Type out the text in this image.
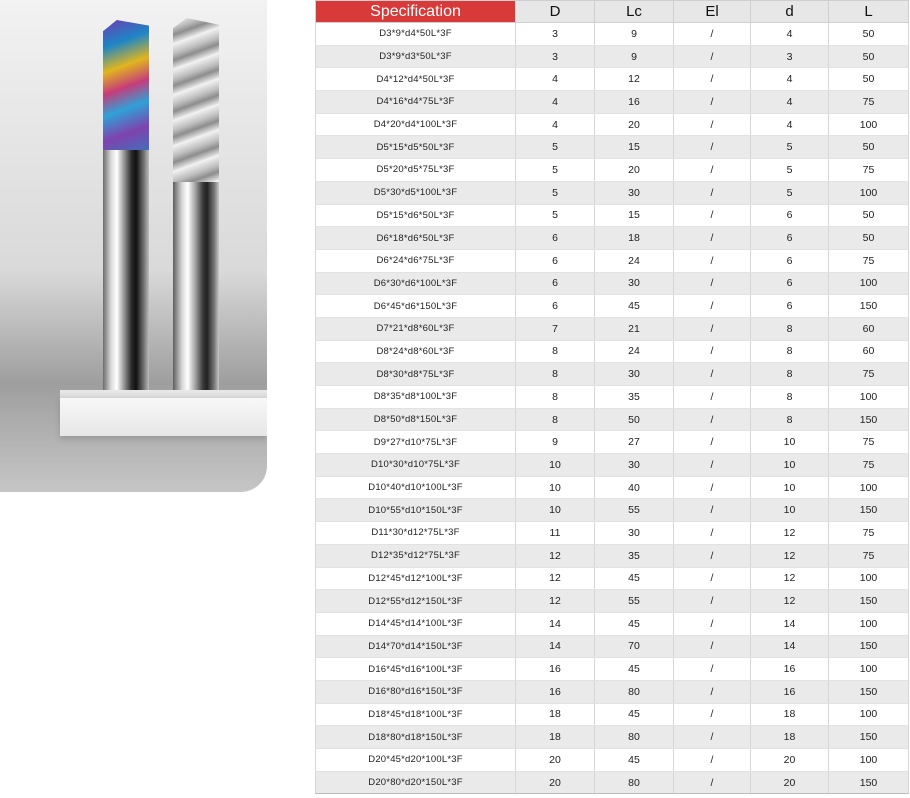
Specification	D	Lc	El	d	L
D3*9*d4*50L*3F	3	9	/	4	50
D3*9*d3*50L*3F	3	9	/	3	50
D4*12*d4*50L*3F	4	12	/	4	50
D4*16*d4*75L*3F	4	16	/	4	75
D4*20*d4*100L*3F	4	20	/	4	100
D5*15*d5*50L*3F	5	15	/	5	50
D5*20*d5*75L*3F	5	20	/	5	75
D5*30*d5*100L*3F	5	30	/	5	100
D5*15*d6*50L*3F	5	15	/	6	50
D6*18*d6*50L*3F	6	18	/	6	50
D6*24*d6*75L*3F	6	24	/	6	75
D6*30*d6*100L*3F	6	30	/	6	100
D6*45*d6*150L*3F	6	45	/	6	150
D7*21*d8*60L*3F	7	21	/	8	60
D8*24*d8*60L*3F	8	24	/	8	60
D8*30*d8*75L*3F	8	30	/	8	75
D8*35*d8*100L*3F	8	35	/	8	100
D8*50*d8*150L*3F	8	50	/	8	150
D9*27*d10*75L*3F	9	27	/	10	75
D10*30*d10*75L*3F	10	30	/	10	75
D10*40*d10*100L*3F	10	40	/	10	100
D10*55*d10*150L*3F	10	55	/	10	150
D11*30*d12*75L*3F	11	30	/	12	75
D12*35*d12*75L*3F	12	35	/	12	75
D12*45*d12*100L*3F	12	45	/	12	100
D12*55*d12*150L*3F	12	55	/	12	150
D14*45*d14*100L*3F	14	45	/	14	100
D14*70*d14*150L*3F	14	70	/	14	150
D16*45*d16*100L*3F	16	45	/	16	100
D16*80*d16*150L*3F	16	80	/	16	150
D18*45*d18*100L*3F	18	45	/	18	100
D18*80*d18*150L*3F	18	80	/	18	150
D20*45*d20*100L*3F	20	45	/	20	100
D20*80*d20*150L*3F	20	80	/	20	150
